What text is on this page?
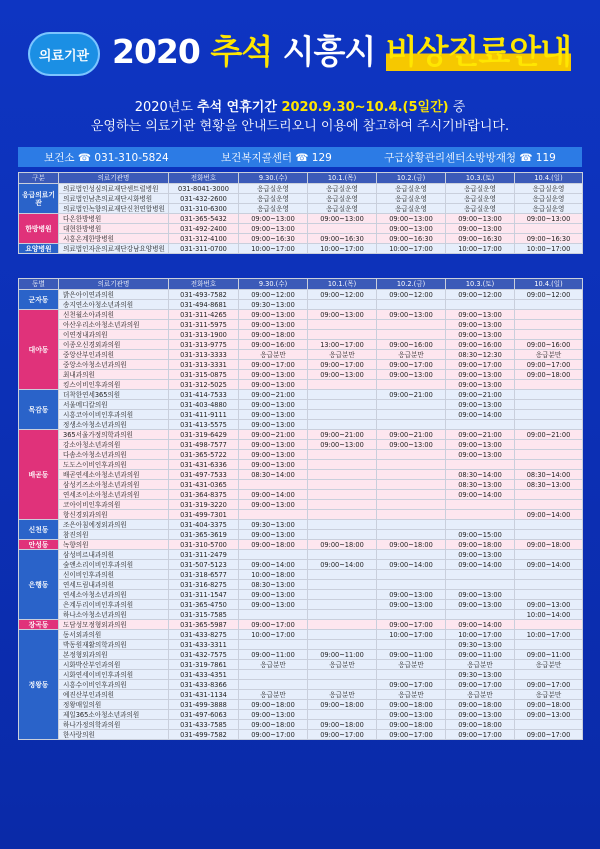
의료기관 2020 추석 시흥시 비상진료안내
2020년도 추석 연휴기간 2020.9.30~10.4.(5일간) 중
운영하는 의료기관 현황을 안내드리오니 이용에 참고하여 주시기바랍니다.
보건소 ☎ 031-310-5824	보건복지콜센터 ☎ 129	구급상황관리센터소방방재청 ☎ 119
구분	의료기관명	전화번호	9.30.(수)	10.1.(목)	10.2.(금)	10.3.(토)	10.4.(일)
응급의료기관	의료법인성심의료재단센트럴병원	031-8041-3000	응급실운영	응급실운영	응급실운영	응급실운영	응급실운영
	의료법인남촌의료재단시화병원	031-432-2600	응급실운영	응급실운영	응급실운영	응급실운영	응급실운영
	의료법인녹향의료재단신천연합병원	031-310-6300	응급실운영	응급실운영	응급실운영	응급실운영	응급실운영
한방병원	다온한방병원	031-365-5432	09:00~13:00	09:00~13:00	09:00~13:00	09:00~13:00	09:00~13:00
	대현한방병원	031-492-2400	09:00~13:00		09:00~13:00	09:00~13:00	
	시흥온계한방병원	031-312-4100	09:00~16:30	09:00~16:30	09:00~16:30	09:00~16:30	09:00~16:30
요양병원	의료법인자운의료재단강남요양병원	031-311-0700	10:00~17:00	10:00~17:00	10:00~17:00	10:00~17:00	10:00~17:00
동별	의료기관명	전화번호	9.30.(수)	10.1.(목)	10.2.(금)	10.3.(토)	10.4.(일)
군자동	밝은아이연과의원	031-493-7582	09:00~12:00	09:00~12:00	09:00~12:00	09:00~12:00	09:00~12:00
	송지연소아청소년과의원	031-494-8681	09:30~13:00				
대야동	신천월소아과의원	031-311-4265	09:00~13:00	09:00~13:00	09:00~13:00	09:00~13:00	
	아산우리소아청소년과의원	031-311-5975	09:00~13:00			09:00~13:00	
	이연정내과의원	031-313-1900	09:00~18:00			09:00~13:00	
	이종오신경외과의원	031-313-9775	09:00~16:00	13:00~17:00	09:00~16:00	09:00~16:00	09:00~16:00
	중앙산부인과의원	031-313-3333	응급분만	응급분만	응급분만	08:30~12:30	응급분만
	중앙소아청소년과의원	031-313-3331	09:00~17:00	09:00~17:00	09:00~17:00	09:00~17:00	09:00~17:00
	최내과의원	031-315-0875	09:00~13:00	09:00~13:00	09:00~13:00	09:00~13:00	09:00~18:00
	킹스이비인후과의원	031-312-5025	09:00~13:00			09:00~13:00	
목감동	더착한연세365의원	031-414-7533	09:00~21:00		09:00~21:00	09:00~21:00	
	서울메디칼의원	031-403-4880	09:00~13:00			09:00~13:00	
	시흥코아이비인후과의원	031-411-9111	09:00~13:00			09:00~14:00	
	정생소아청소년과의원	031-413-5575	09:00~13:00				
배곧동	365서울가정의학과의원	031-319-6429	09:00~21:00	09:00~21:00	09:00~21:00	09:00~21:00	09:00~21:00
	강소아청소년과의원	031-498-7577	09:00~13:00	09:00~13:00	09:00~13:00	09:00~13:00	
	다솜소아청소년과의원	031-365-5722	09:00~13:00			09:00~13:00	
	도도스이비인후과의원	031-431-6336	09:00~13:00				
	배곧연세소아청소년과의원	031-497-7533	08:30~14:00			08:30~14:00	08:30~14:00
	삼성키즈소아청소년과의원	031-431-0365				08:30~13:00	08:30~13:00
	연세조이소아청소년과의원	031-364-8375	09:00~14:00			09:00~14:00	
	코아이비인후과의원	031-319-3220	09:00~13:00				
	항신경외과의원	031-499-7301					09:00~14:00
신천동	조은아침에정외과의원	031-404-3375	09:30~13:00				
	참진의원	031-365-3619	09:00~13:00			09:00~15:00	
안성동	녹향의원	031-310-5700	09:00~18:00	09:00~18:00	09:00~18:00	09:00~18:00	09:00~18:00
은행동	삼성비르내과의원	031-311-2479				09:00~13:00	
	숲앤소리이비인후과의원	031-507-5123	09:00~14:00	09:00~14:00	09:00~14:00	09:00~14:00	09:00~14:00
	신이비인후과의원	031-318-6577	10:00~18:00				
	연세드림내과의원	031-316-8275	08:30~13:00				
	연세소아청소년과의원	031-311-1547	09:00~13:00		09:00~13:00	09:00~13:00	
	은계두리이비인후과의원	031-365-4750	09:00~13:00		09:00~13:00	09:00~13:00	09:00~13:00
	하나소아청소년과의원	031-315-7585					10:00~14:00
장곡동	도담성모정형외과의원	031-365-5987	09:00~17:00		09:00~17:00	09:00~14:00	
정왕동	동서외과의원	031-433-8275	10:00~17:00		10:00~17:00	10:00~17:00	10:00~17:00
	박동원재활의학과의원	031-433-3311				09:30~13:00	
	본정형외과의원	031-432-7575	09:00~11:00	09:00~11:00	09:00~11:00	09:00~11:00	09:00~11:00
	시화박산부인과의원	031-319-7861	응급분만	응급분만	응급분만	응급분만	응급분만
	시화연세이비인후과의원	031-433-4351				09:30~13:00	
	시흥수이비인후과의원	031-433-8366			09:00~17:00	09:00~17:00	09:00~17:00
	예진산부인과의원	031-431-1134	응급분만	응급분만	응급분만	응급분만	응급분만
	정왕매일의원	031-499-3888	09:00~18:00	09:00~18:00	09:00~18:00	09:00~18:00	09:00~18:00
	제일365소아청소년과의원	031-497-6063	09:00~13:00		09:00~13:00	09:00~13:00	09:00~13:00
	하나가정의학과의원	031-433-7585	09:00~18:00	09:00~18:00	09:00~18:00	09:00~18:00	
	한사랑의원	031-499-7582	09:00~17:00	09:00~17:00	09:00~17:00	09:00~17:00	09:00~17:00
